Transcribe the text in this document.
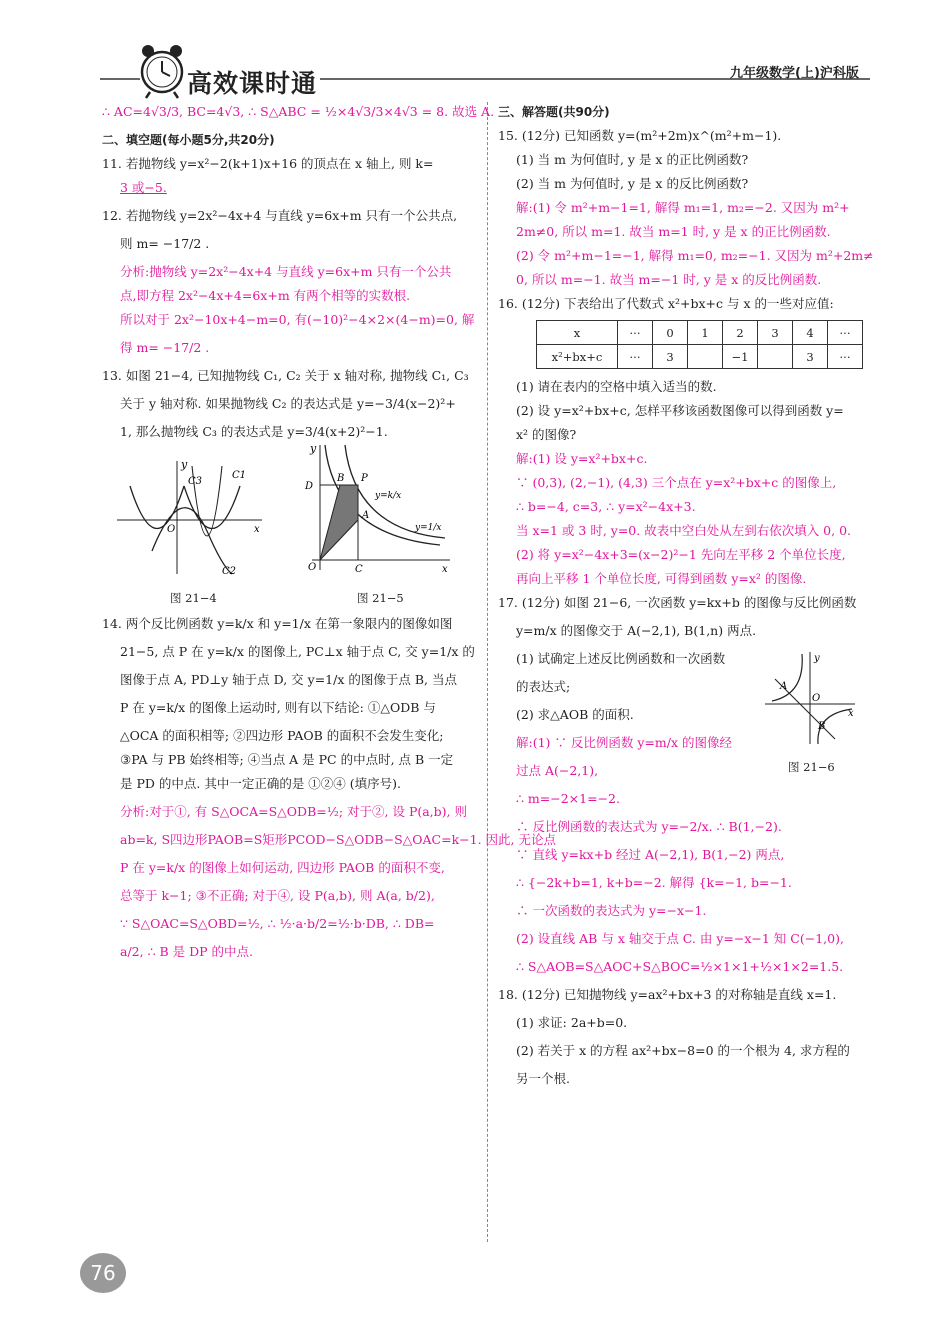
高效课时通	九年级数学(上)沪科版
∴ AC=4√3/3, BC=4√3, ∴ S△ABC = ½×4√3/3×4√3 = 8. 故选 A.
二、填空题(每小题5分,共20分)
11. 若抛物线 y=x²−2(k+1)x+16 的顶点在 x 轴上, 则 k=
3 或−5.
12. 若抛物线 y=2x²−4x+4 与直线 y=6x+m 只有一个公共点,
则 m= −17/2 .
分析:抛物线 y=2x²−4x+4 与直线 y=6x+m 只有一个公共
点,即方程 2x²−4x+4=6x+m 有两个相等的实数根.
所以对于 2x²−10x+4−m=0, 有(−10)²−4×2×(4−m)=0, 解
得 m= −17/2 .
13. 如图 21−4, 已知抛物线 C₁, C₂ 关于 x 轴对称, 抛物线 C₁, C₃
关于 y 轴对称. 如果抛物线 C₂ 的表达式是 y=−3/4(x−2)²+
1, 那么抛物线 C₃ 的表达式是 y=3/4(x+2)²−1.
y
C3
C1
O	x
C2
图 21−4
y
D
B P
y=k/x
A
y=1/x
O	C	x
图 21−5
14. 两个反比例函数 y=k/x 和 y=1/x 在第一象限内的图像如图
21−5, 点 P 在 y=k/x 的图像上, PC⊥x 轴于点 C, 交 y=1/x 的
图像于点 A, PD⊥y 轴于点 D, 交 y=1/x 的图像于点 B, 当点
P 在 y=k/x 的图像上运动时, 则有以下结论: ①△ODB 与
△OCA 的面积相等; ②四边形 PAOB 的面积不会发生变化;
③PA 与 PB 始终相等; ④当点 A 是 PC 的中点时, 点 B 一定
是 PD 的中点. 其中一定正确的是 ①②④ (填序号).
分析:对于①, 有 S△OCA=S△ODB=½; 对于②, 设 P(a,b), 则
ab=k, S四边形PAOB=S矩形PCOD−S△ODB−S△OAC=k−1. 因此, 无论点
P 在 y=k/x 的图像上如何运动, 四边形 PAOB 的面积不变,
总等于 k−1; ③不正确; 对于④, 设 P(a,b), 则 A(a, b/2),
∵ S△OAC=S△OBD=½, ∴ ½·a·b/2=½·b·DB, ∴ DB=
a/2, ∴ B 是 DP 的中点.
三、解答题(共90分)
15. (12分) 已知函数 y=(m²+2m)x^(m²+m−1).
(1) 当 m 为何值时, y 是 x 的正比例函数?
(2) 当 m 为何值时, y 是 x 的反比例函数?
解:(1) 令 m²+m−1=1, 解得 m₁=1, m₂=−2. 又因为 m²+
2m≠0, 所以 m=1. 故当 m=1 时, y 是 x 的正比例函数.
(2) 令 m²+m−1=−1, 解得 m₁=0, m₂=−1. 又因为 m²+2m≠
0, 所以 m=−1. 故当 m=−1 时, y 是 x 的反比例函数.
16. (12分) 下表给出了代数式 x²+bx+c 与 x 的一些对应值:
x	···	0	1	2	3	4	···
x²+bx+c	···	3		−1		3	···
(1) 请在表内的空格中填入适当的数.
(2) 设 y=x²+bx+c, 怎样平移该函数图像可以得到函数 y=
x² 的图像?
解:(1) 设 y=x²+bx+c.
∵ (0,3), (2,−1), (4,3) 三个点在 y=x²+bx+c 的图像上,
∴ b=−4, c=3, ∴ y=x²−4x+3.
当 x=1 或 3 时, y=0. 故表中空白处从左到右依次填入 0, 0.
(2) 将 y=x²−4x+3=(x−2)²−1 先向左平移 2 个单位长度,
再向上平移 1 个单位长度, 可得到函数 y=x² 的图像.
17. (12分) 如图 21−6, 一次函数 y=kx+b 的图像与反比例函数
y=m/x 的图像交于 A(−2,1), B(1,n) 两点.
y
A
O
B
x
图 21−6
(1) 试确定上述反比例函数和一次函数
的表达式;
(2) 求△AOB 的面积.
解:(1) ∵ 反比例函数 y=m/x 的图像经
过点 A(−2,1),
∴ m=−2×1=−2.
∴ 反比例函数的表达式为 y=−2/x. ∴ B(1,−2).
∵ 直线 y=kx+b 经过 A(−2,1), B(1,−2) 两点,
∴ {−2k+b=1, k+b=−2. 解得 {k=−1, b=−1.
∴ 一次函数的表达式为 y=−x−1.
(2) 设直线 AB 与 x 轴交于点 C. 由 y=−x−1 知 C(−1,0),
∴ S△AOB=S△AOC+S△BOC=½×1×1+½×1×2=1.5.
18. (12分) 已知抛物线 y=ax²+bx+3 的对称轴是直线 x=1.
(1) 求证: 2a+b=0.
(2) 若关于 x 的方程 ax²+bx−8=0 的一个根为 4, 求方程的
另一个根.
76
